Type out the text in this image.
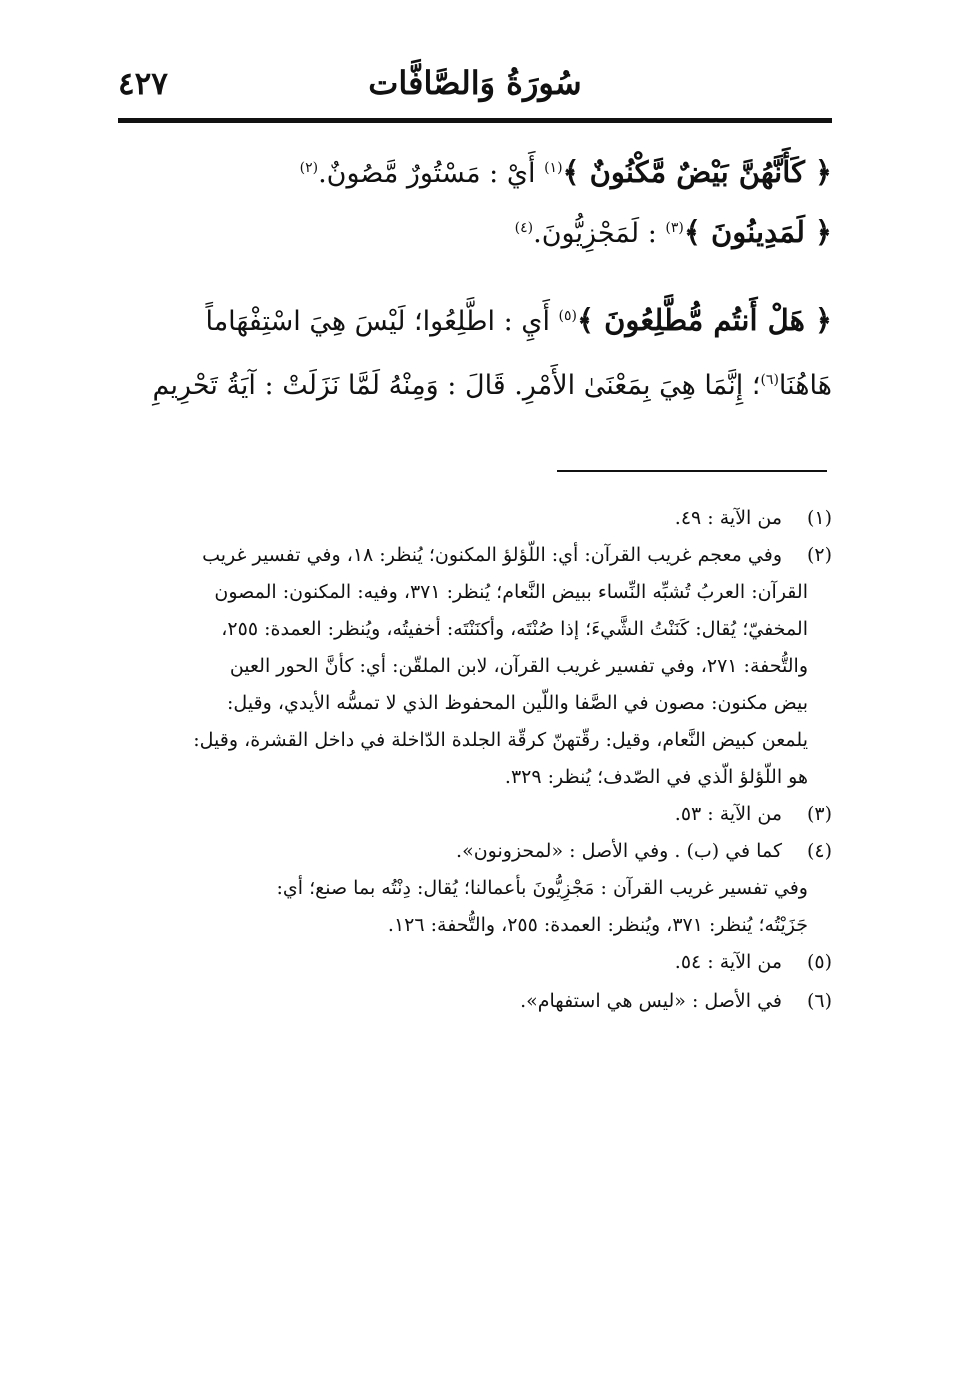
٤٢٧	سُورَةُ وَالصَّافَّات
﴿ كَأَنَّهُنَّ بَيْضٌ مَّكْنُونٌ ﴾$^{(١)}$ أَيْ : مَسْتُورٌ مَّصُونٌ.$^{(٢)}$
﴿ لَمَدِينُونَ ﴾$^{(٣)}$ : لَمَجْزِيُّونَ.$^{(٤)}$
﴿ هَلْ أَنتُم مُّطَّلِعُونَ ﴾$^{(٥)}$ أَيِ : اطَّلِعُوا؛ لَيْسَ هِيَ اسْتِفْهَاماً
هَاهُنَا$^{(٦)}$؛ إِنَّمَا هِيَ بِمَعْنَىٰ الأَمْرِ. قَالَ : وَمِنْهُ لَمَّا نَزَلَتْ : آيَةُ تَحْرِيمِ
(١)
من الآية : ٤٩.
(٢)
وفي معجم غريب القرآن: أي: اللّؤلؤ المكنون؛ يُنظر: ١٨، وفي تفسير غريب
القرآن: العربُ تُشبِّه النِّساء ببيض النَّعام؛ يُنظر: ٣٧١، وفيه: المكنون: المصون
المخفيّ؛ يُقال: كَنَنْتُ الشَّيءَ؛ إذا صُنْتَه، وأكنَنْتَه: أخفيتُه، ويُنظر: العمدة: ٢٥٥،
والتُّحفة: ٢٧١، وفي تفسير غريب القرآن، لابن الملقّن: أي: كأنَّ الحور العين
بيض مكنون: مصون في الصَّفا واللّين المحفوظ الذي لا تمسُّه الأيدي، وقيل:
يلمعن كبيض النَّعام، وقيل: رقّتهنّ كرقّة الجلدة الدّاخلة في داخل القشرة، وقيل:
هو اللّؤلؤ الّذي في الصّدف؛ يُنظر: ٣٢٩.
(٣)
من الآية : ٥٣.
(٤)
كما في (ب) . وفي الأصل : «لمحزونون».
وفي تفسير غريب القرآن : مَجْزِيُّونَ بأعمالنا؛ يُقال: دِنْتُه بما صنع؛ أي:
جَزَيْتُه؛ يُنظر: ٣٧١، ويُنظر: العمدة: ٢٥٥، والتُّحفة: ١٢٦.
(٥)
من الآية : ٥٤.
(٦)
في الأصل : «ليس هي استفهام».
